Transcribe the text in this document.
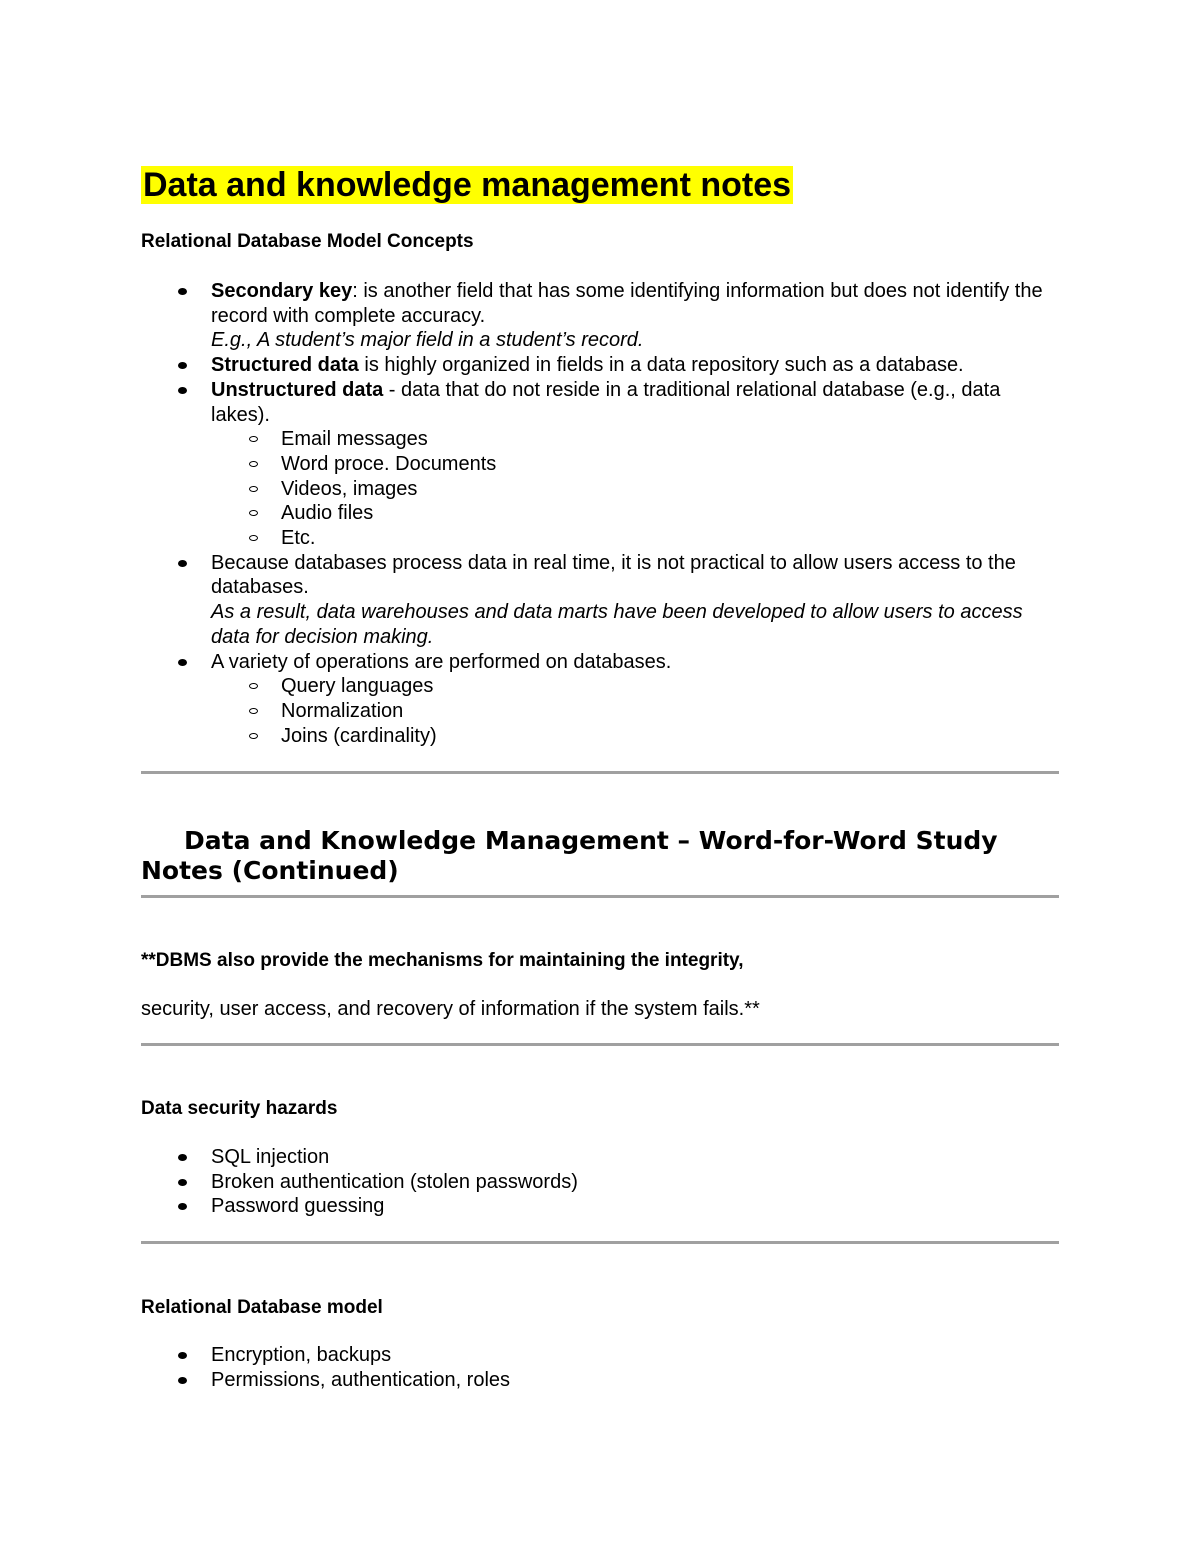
Data and knowledge management notes
Relational Database Model Concepts
Secondary key: is another field that has some identifying information but does not identify the record with complete accuracy.
E.g., A student’s major field in a student’s record.
Structured data is highly organized in fields in a data repository such as a database.
Unstructured data - data that do not reside in a traditional relational database (e.g., data lakes).
Email messages
Word proce. Documents
Videos, images
Audio files
Etc.
Because databases process data in real time, it is not practical to allow users access to the databases.
As a result, data warehouses and data marts have been developed to allow users to access data for decision making.
A variety of operations are performed on databases.
Query languages
Normalization
Joins (cardinality)
Data and Knowledge Management – Word-for-Word Study Notes (Continued)

**DBMS also provide the mechanisms for maintaining the integrity,

security, user access, and recovery of information if the system fails.**

Data security hazards
SQL injection
Broken authentication (stolen passwords)
Password guessing
Relational Database model
Encryption, backups
Permissions, authentication, roles
